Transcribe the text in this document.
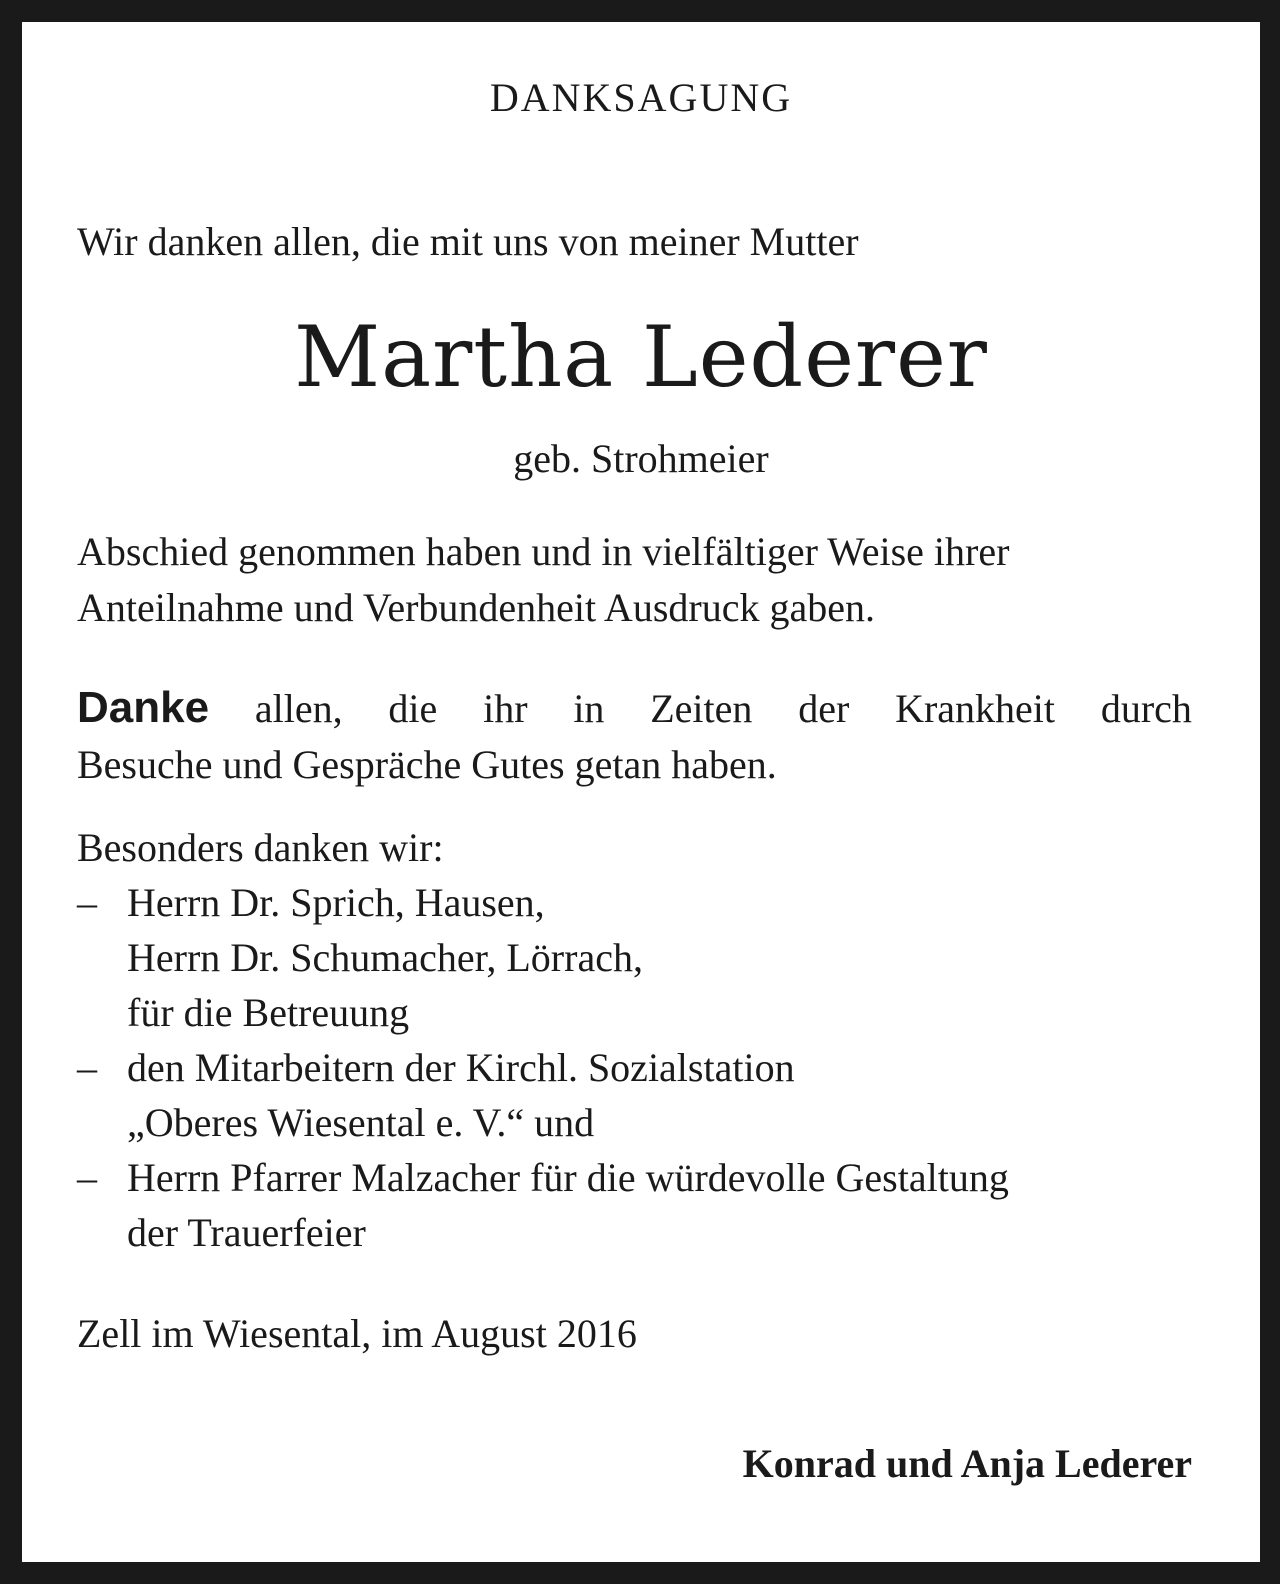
DANKSAGUNG
Wir danken allen, die mit uns von meiner Mutter
Martha Lederer
geb. Strohmeier
Abschied genommen haben und in vielfältiger Weise ihrer
Anteilnahme und Verbundenheit Ausdruck gaben.
Danke allen, die ihr in Zeiten der Krankheit durch
Besuche und Gespräche Gutes getan haben.
Besonders danken wir:
– Herrn Dr. Sprich, Hausen,
Herrn Dr. Schumacher, Lörrach,
für die Betreuung
– den Mitarbeitern der Kirchl. Sozialstation
„Oberes Wiesental e. V.“ und
– Herrn Pfarrer Malzacher für die würdevolle Gestaltung
der Trauerfeier
Zell im Wiesental, im August 2016
Konrad und Anja Lederer
